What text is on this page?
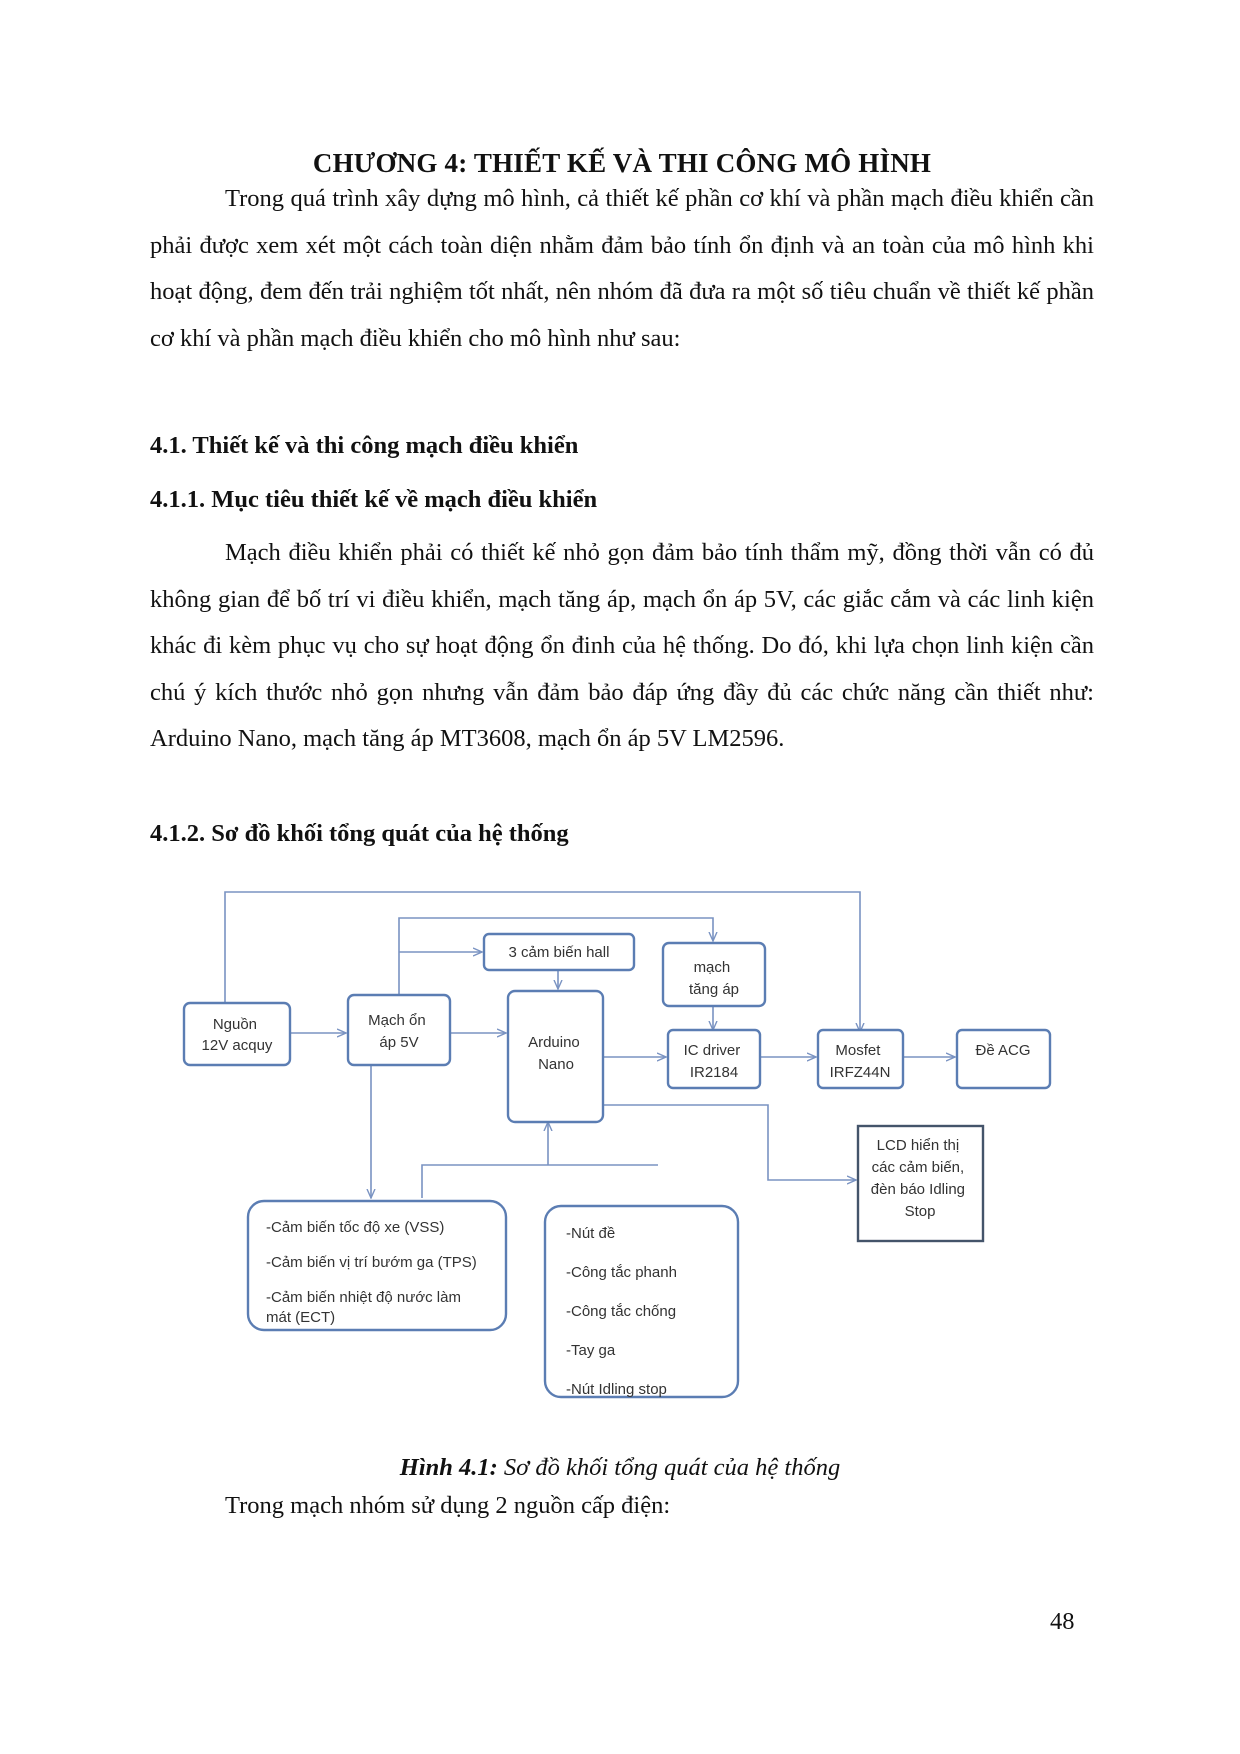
CHƯƠNG 4: THIẾT KẾ VÀ THI CÔNG MÔ HÌNH

Trong quá trình xây dựng mô hình, cả thiết kế phần cơ khí và phần mạch điều khiển cần phải được xem xét một cách toàn diện nhằm đảm bảo tính ổn định và an toàn của mô hình khi hoạt động, đem đến trải nghiệm tốt nhất, nên nhóm đã đưa ra một số tiêu chuẩn về thiết kế phần cơ khí và phần mạch điều khiển cho mô hình như sau:

4.1. Thiết kế và thi công mạch điều khiển

4.1.1. Mục tiêu thiết kế về mạch điều khiển

Mạch điều khiển phải có thiết kế nhỏ gọn đảm bảo tính thẩm mỹ, đồng thời vẫn có đủ không gian để bố trí vi điều khiển, mạch tăng áp, mạch ổn áp 5V, các giắc cắm và các linh kiện khác đi kèm phục vụ cho sự hoạt động ổn đinh của hệ thống. Do đó, khi lựa chọn linh kiện cần chú ý kích thước nhỏ gọn nhưng vẫn đảm bảo đáp ứng đầy đủ các chức năng cần thiết như: Arduino Nano, mạch tăng áp MT3608, mạch ổn áp 5V LM2596.

4.1.2. Sơ đồ khối tổng quát của hệ thống

Nguồn 12V acquy
Mạch ổn áp 5V
3 cảm biến hall
mạch tăng áp
Arduino Nano
IC driver IR2184
Mosfet IRFZ44N
Đề ACG
LCD hiển thị các cảm biến, đèn báo Idling Stop
-Cảm biến tốc độ xe (VSS) -Cảm biến vị trí bướm ga (TPS) -Cảm biến nhiệt độ nước làm mát (ECT)
-Nút đề -Công tắc phanh -Công tắc chống -Tay ga -Nút Idling stop

Hình 4.1: Sơ đồ khối tổng quát của hệ thống

Trong mạch nhóm sử dụng 2 nguồn cấp điện:

48
